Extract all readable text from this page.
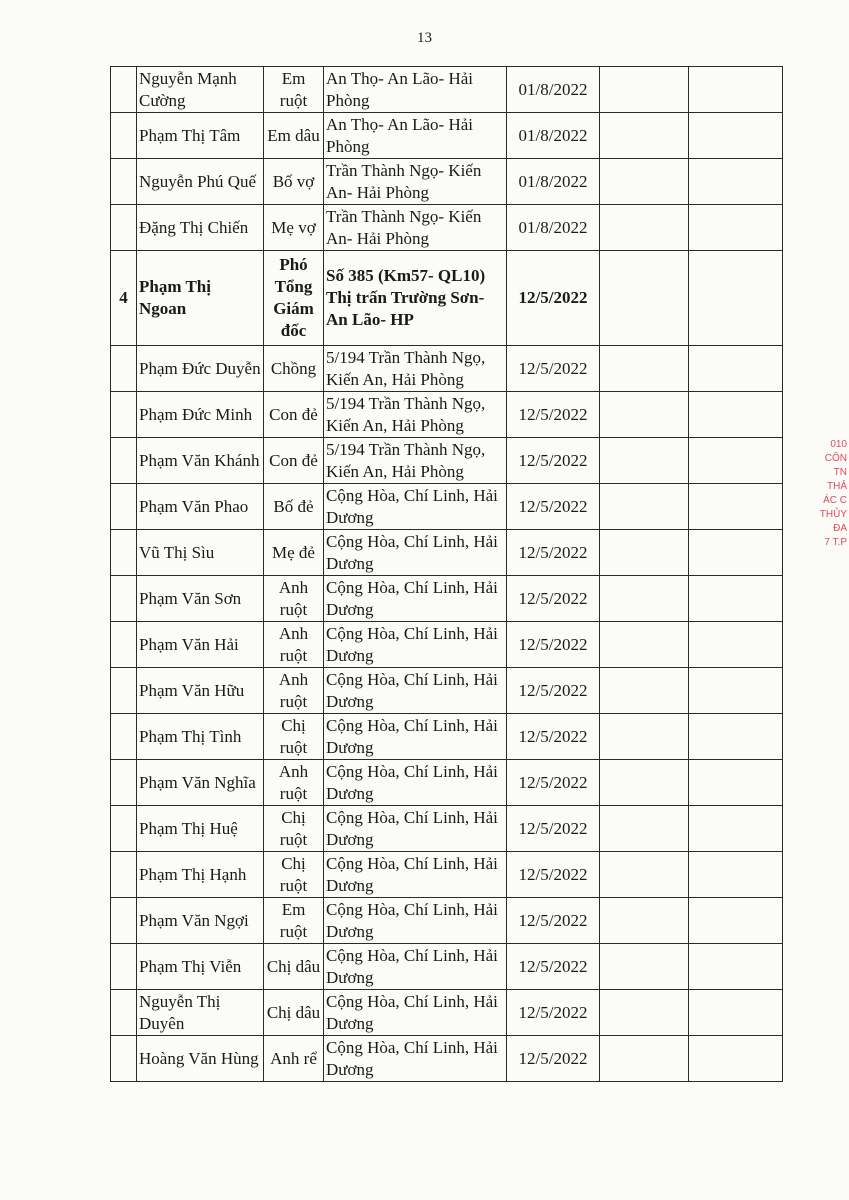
13
	Nguyễn Mạnh Cường	Em ruột	An Thọ- An Lão- Hải Phòng	01/8/2022		
	Phạm Thị Tâm	Em dâu	An Thọ- An Lão- Hải Phòng	01/8/2022		
	Nguyễn Phú Quế	Bố vợ	Trần Thành Ngọ- Kiến An- Hải Phòng	01/8/2022		
	Đặng Thị Chiến	Mẹ vợ	Trần Thành Ngọ- Kiến An- Hải Phòng	01/8/2022		
4	Phạm Thị Ngoan	Phó Tổng Giám đốc	Số 385 (Km57- QL10) Thị trấn Trường Sơn- An Lão- HP	12/5/2022		
	Phạm Đức Duyễn	Chồng	5/194 Trần Thành Ngọ, Kiến An, Hải Phòng	12/5/2022		
	Phạm Đức Minh	Con đẻ	5/194 Trần Thành Ngọ, Kiến An, Hải Phòng	12/5/2022		
	Phạm Văn Khánh	Con đẻ	5/194 Trần Thành Ngọ, Kiến An, Hải Phòng	12/5/2022		
	Phạm Văn Phao	Bố đẻ	Cộng Hòa, Chí Linh, Hải Dương	12/5/2022		
	Vũ Thị Sìu	Mẹ đẻ	Cộng Hòa, Chí Linh, Hải Dương	12/5/2022		
	Phạm Văn Sơn	Anh ruột	Cộng Hòa, Chí Linh, Hải Dương	12/5/2022		
	Phạm Văn Hải	Anh ruột	Cộng Hòa, Chí Linh, Hải Dương	12/5/2022		
	Phạm Văn Hữu	Anh ruột	Cộng Hòa, Chí Linh, Hải Dương	12/5/2022		
	Phạm Thị Tình	Chị ruột	Cộng Hòa, Chí Linh, Hải Dương	12/5/2022		
	Phạm Văn Nghĩa	Anh ruột	Cộng Hòa, Chí Linh, Hải Dương	12/5/2022		
	Phạm Thị Huệ	Chị ruột	Cộng Hòa, Chí Linh, Hải Dương	12/5/2022		
	Phạm Thị Hạnh	Chị ruột	Cộng Hòa, Chí Linh, Hải Dương	12/5/2022		
	Phạm Văn Ngợi	Em ruột	Cộng Hòa, Chí Linh, Hải Dương	12/5/2022		
	Phạm Thị Viễn	Chị dâu	Cộng Hòa, Chí Linh, Hải Dương	12/5/2022		
	Nguyễn Thị Duyên	Chị dâu	Cộng Hòa, Chí Linh, Hải Dương	12/5/2022		
	Hoàng Văn Hùng	Anh rể	Cộng Hòa, Chí Linh, Hải Dương	12/5/2022		
010
CÔN
TN
THẢ
ÁC C
THỦY
ĐA
7 T.P
